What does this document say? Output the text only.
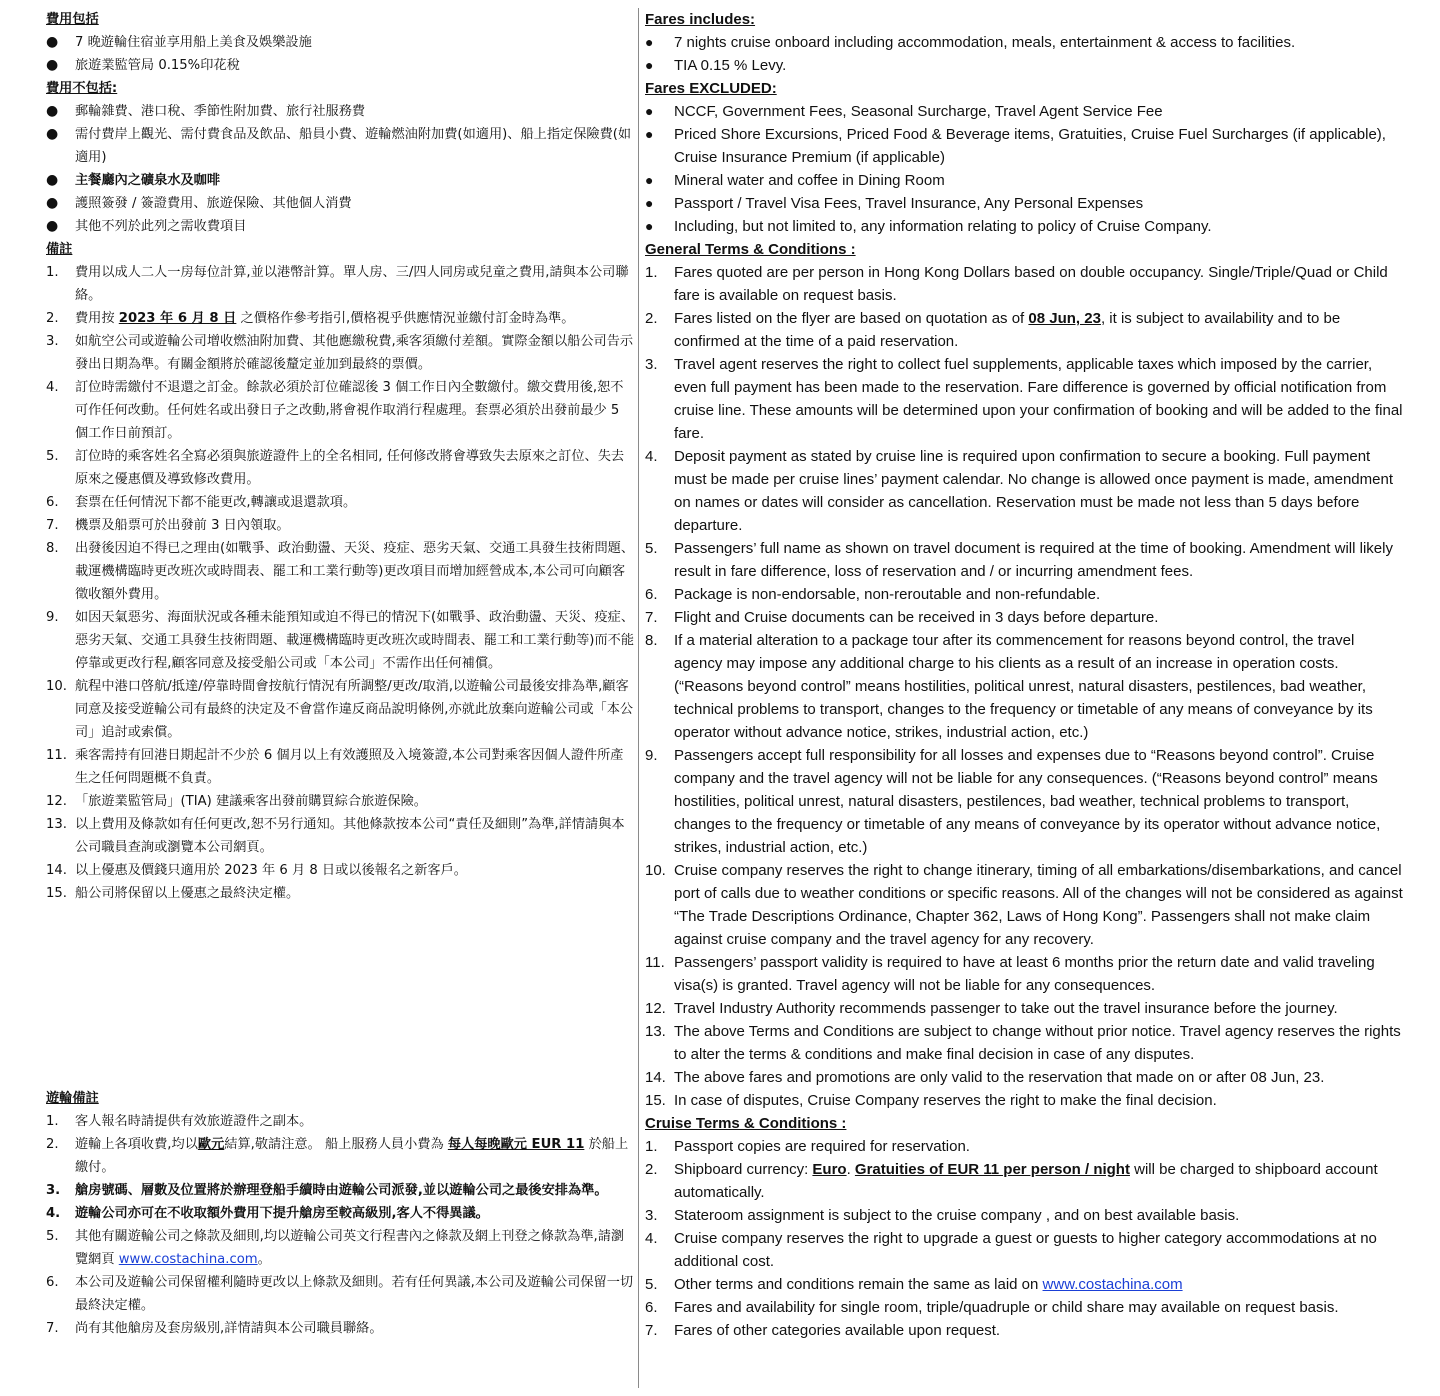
費用包括
● 7 晚遊輪住宿並享用船上美食及娛樂設施
● 旅遊業監管局 0.15%印花稅
費用不包括:
● 郵輪雜費、港口稅、季節性附加費、旅行社服務費
● 需付費岸上觀光、需付費食品及飲品、船員小費、遊輪燃油附加費(如適用)、船上指定保險費(如適用)
● 主餐廳內之礦泉水及咖啡
● 護照簽發 / 簽證費用、旅遊保險、其他個人消費
● 其他不列於此列之需收費項目
備註
1. 費用以成人二人一房每位計算,並以港幣計算。單人房、三/四人同房或兒童之費用,請與本公司聯絡。
2. 費用按 2023 年 6 月 8 日 之價格作參考指引,價格視乎供應情況並繳付訂金時為準。
3. 如航空公司或遊輪公司增收燃油附加費、其他應繳稅費,乘客須繳付差額。實際金額以船公司告示發出日期為準。有關金額將於確認後釐定並加到最終的票價。
4. 訂位時需繳付不退還之訂金。餘款必須於訂位確認後 3 個工作日內全數繳付。繳交費用後,恕不可作任何改動。任何姓名或出發日子之改動,將會視作取消行程處理。套票必須於出發前最少 5 個工作日前預訂。
5. 訂位時的乘客姓名全寫必須與旅遊證件上的全名相同, 任何修改將會導致失去原來之訂位、失去原來之優惠價及導致修改費用。
6. 套票在任何情況下都不能更改,轉讓或退還款項。
7. 機票及船票可於出發前 3 日內領取。
8. 出發後因迫不得已之理由(如戰爭、政治動盪、天災、疫症、惡劣天氣、交通工具發生技術問題、載運機構臨時更改班次或時間表、罷工和工業行動等)更改項目而增加經營成本,本公司可向顧客徵收額外費用。
9. 如因天氣惡劣、海面狀況或各種未能預知或迫不得已的情況下(如戰爭、政治動盪、天災、疫症、惡劣天氣、交通工具發生技術問題、載運機構臨時更改班次或時間表、罷工和工業行動等)而不能停靠或更改行程,顧客同意及接受船公司或「本公司」不需作出任何補償。
10. 航程中港口啓航/抵達/停靠時間會按航行情況有所調整/更改/取消,以遊輪公司最後安排為準,顧客同意及接受遊輪公司有最終的決定及不會當作違反商品說明條例,亦就此放棄向遊輪公司或「本公司」追討或索償。
11. 乘客需持有回港日期起計不少於 6 個月以上有效護照及入境簽證,本公司對乘客因個人證件所產生之任何問題概不負責。
12. 「旅遊業監管局」(TIA) 建議乘客出發前購買綜合旅遊保險。
13. 以上費用及條款如有任何更改,恕不另行通知。其他條款按本公司“責任及細則”為準,詳情請與本公司職員查詢或瀏覽本公司網頁。
14. 以上優惠及價錢只適用於 2023 年 6 月 8 日或以後報名之新客戶。
15. 船公司將保留以上優惠之最終決定權。
遊輪備註
1. 客人報名時請提供有效旅遊證件之副本。
2. 遊輪上各項收費,均以歐元結算,敬請注意。 船上服務人員小費為 每人每晚歐元 EUR 11 於船上繳付。
3. 艙房號碼、層數及位置將於辦理登船手續時由遊輪公司派發,並以遊輪公司之最後安排為準。
4. 遊輪公司亦可在不收取額外費用下提升艙房至較高級別,客人不得異議。
5. 其他有關遊輪公司之條款及細則,均以遊輪公司英文行程書內之條款及網上刊登之條款為準,請瀏覽網頁 www.costachina.com。
6. 本公司及遊輪公司保留權利隨時更改以上條款及細則。若有任何異議,本公司及遊輪公司保留一切最終決定權。
7. 尚有其他艙房及套房級別,詳情請與本公司職員聯絡。
Fares includes:
● 7 nights cruise onboard including accommodation, meals, entertainment & access to facilities.
● TIA 0.15 % Levy.
Fares EXCLUDED:
● NCCF, Government Fees, Seasonal Surcharge, Travel Agent Service Fee
● Priced Shore Excursions, Priced Food & Beverage items, Gratuities, Cruise Fuel Surcharges (if applicable), Cruise Insurance Premium (if applicable)
● Mineral water and coffee in Dining Room
● Passport / Travel Visa Fees, Travel Insurance, Any Personal Expenses
● Including, but not limited to, any information relating to policy of Cruise Company.
General Terms & Conditions :
1. Fares quoted are per person in Hong Kong Dollars based on double occupancy. Single/Triple/Quad or Child fare is available on request basis.
2. Fares listed on the flyer are based on quotation as of 08 Jun, 23, it is subject to availability and to be confirmed at the time of a paid reservation.
3. Travel agent reserves the right to collect fuel supplements, applicable taxes which imposed by the carrier, even full payment has been made to the reservation. Fare difference is governed by official notification from cruise line. These amounts will be determined upon your confirmation of booking and will be added to the final fare.
4. Deposit payment as stated by cruise line is required upon confirmation to secure a booking. Full payment must be made per cruise lines’ payment calendar. No change is allowed once payment is made, amendment on names or dates will consider as cancellation. Reservation must be made not less than 5 days before departure.
5. Passengers’ full name as shown on travel document is required at the time of booking. Amendment will likely result in fare difference, loss of reservation and / or incurring amendment fees.
6. Package is non-endorsable, non-reroutable and non-refundable.
7. Flight and Cruise documents can be received in 3 days before departure.
8. If a material alteration to a package tour after its commencement for reasons beyond control, the travel agency may impose any additional charge to his clients as a result of an increase in operation costs. (“Reasons beyond control” means hostilities, political unrest, natural disasters, pestilences, bad weather, technical problems to transport, changes to the frequency or timetable of any means of conveyance by its operator without advance notice, strikes, industrial action, etc.)
9. Passengers accept full responsibility for all losses and expenses due to “Reasons beyond control”. Cruise company and the travel agency will not be liable for any consequences. (“Reasons beyond control” means hostilities, political unrest, natural disasters, pestilences, bad weather, technical problems to transport, changes to the frequency or timetable of any means of conveyance by its operator without advance notice, strikes, industrial action, etc.)
10. Cruise company reserves the right to change itinerary, timing of all embarkations/disembarkations, and cancel port of calls due to weather conditions or specific reasons. All of the changes will not be considered as against “The Trade Descriptions Ordinance, Chapter 362, Laws of Hong Kong”. Passengers shall not make claim against cruise company and the travel agency for any recovery.
11. Passengers’ passport validity is required to have at least 6 months prior the return date and valid traveling visa(s) is granted. Travel agency will not be liable for any consequences.
12. Travel Industry Authority recommends passenger to take out the travel insurance before the journey.
13. The above Terms and Conditions are subject to change without prior notice. Travel agency reserves the rights to alter the terms & conditions and make final decision in case of any disputes.
14. The above fares and promotions are only valid to the reservation that made on or after 08 Jun, 23.
15. In case of disputes, Cruise Company reserves the right to make the final decision.
Cruise Terms & Conditions :
1. Passport copies are required for reservation.
2. Shipboard currency: Euro. Gratuities of EUR 11 per person / night will be charged to shipboard account automatically.
3. Stateroom assignment is subject to the cruise company , and on best available basis.
4. Cruise company reserves the right to upgrade a guest or guests to higher category accommodations at no additional cost.
5. Other terms and conditions remain the same as laid on www.costachina.com
6. Fares and availability for single room, triple/quadruple or child share may available on request basis.
7. Fares of other categories available upon request.
